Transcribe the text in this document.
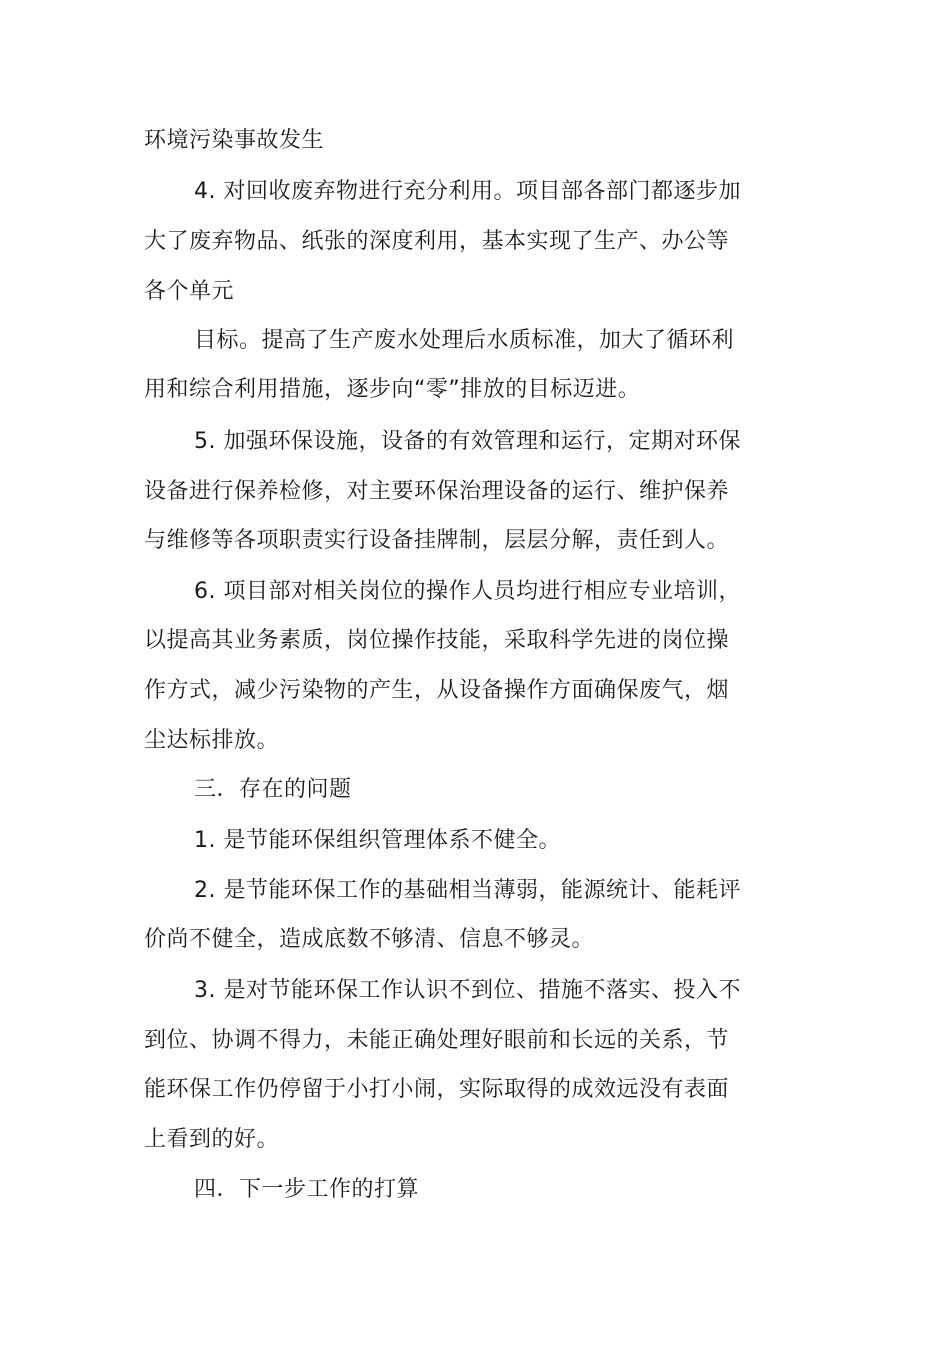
环境污染事故发生
4. 对回收废弃物进行充分利用。项目部各部门都逐步加
大了废弃物品、纸张的深度利用，基本实现了生产、办公等
各个单元
目标。提高了生产废水处理后水质标准，加大了循环利
用和综合利用措施，逐步向“零”排放的目标迈进。
5. 加强环保设施，设备的有效管理和运行，定期对环保
设备进行保养检修，对主要环保治理设备的运行、维护保养
与维修等各项职责实行设备挂牌制，层层分解，责任到人。
6. 项目部对相关岗位的操作人员均进行相应专业培训，
以提高其业务素质，岗位操作技能，采取科学先进的岗位操
作方式，减少污染物的产生，从设备操作方面确保废气，烟
尘达标排放。
三．存在的问题
1. 是节能环保组织管理体系不健全。
2. 是节能环保工作的基础相当薄弱，能源统计、能耗评
价尚不健全，造成底数不够清、信息不够灵。
3. 是对节能环保工作认识不到位、措施不落实、投入不
到位、协调不得力，未能正确处理好眼前和长远的关系，节
能环保工作仍停留于小打小闹，实际取得的成效远没有表面
上看到的好。
四．下一步工作的打算
